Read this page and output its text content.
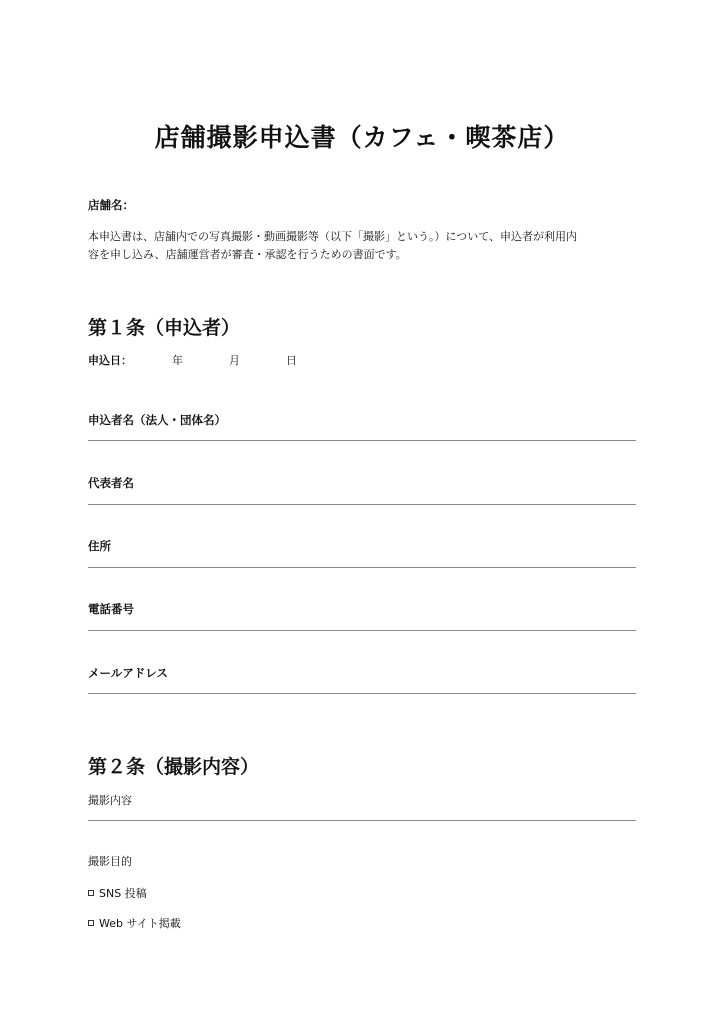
店舗撮影申込書（カフェ・喫茶店）

店舗名：

本申込書は、店舗内での写真撮影・動画撮影等（以下「撮影」という。）について、申込者が利用内
容を申し込み、店舗運営者が審査・承認を行うための書面です。
第１条（申込者）
申込日：	年	月	日

申込者名（法人・団体名）

代表者名

住所

電話番号

メールアドレス

第２条（撮影内容）

撮影内容

撮影目的

SNS 投稿
Web サイト掲載
